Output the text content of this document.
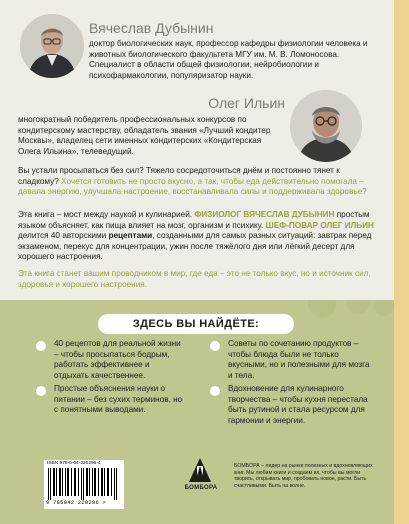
Вячеслав Дубынин
доктор биологических наук, профессор кафедры физиологии человека и животных биологического факультета МГУ им. М. В. Ломоносова. Специалист в области общей физиологии, нейробиологии и психофармакологии, популяризатор науки.
Олег Ильин
многократный победитель профессиональных конкурсов по кондитерскому мастерству, обладатель звания «Лучший кондитер Москвы», владелец сети именных кондитерских «Кондитерская Олега Ильина», телеведущий.
Вы устали просыпаться без сил? Тяжело сосредоточиться днём и постоянно тянет к сладкому? Хочется готовить не просто вкусно, а так, чтобы еда действительно помогала – давала энергию, улучшала настроение, восстанавливала силы и поддерживала здоровье?
Эта книга – мост между наукой и кулинарией. ФИЗИОЛОГ ВЯЧЕСЛАВ ДУБЫНИН простым языком объясняет, как пища влияет на мозг, организм и психику. ШЕФ-ПОВАР ОЛЕГ ИЛЬИН делится 40 авторскими рецептами, созданными для самых разных ситуаций: завтрак перед экзаменом, перекус для концентрации, ужин после тяжёлого дня или лёгкий десерт для хорошего настроения.
Эта книга станет вашим проводником в мир, где еда – это не только вкус, но и источник сил, здоровья и хорошего настроения.
ЗДЕСЬ ВЫ НАЙДЁТЕ:
40 рецептов для реальной жизни – чтобы просыпаться бодрым, работать эффективнее и отдыхать качественнее.
Простые объяснения науки о питании – без сухих терминов, но с понятными выводами.
Советы по сочетанию продуктов – чтобы блюда были не только вкусными, но и полезными для мозга и тела.
Вдохновение для кулинарного творчества – чтобы кухня перестала быть рутиной и стала ресурсом для гармонии и энергии.
ISBN 978-5-04-220296-4
9 785042 220296 >
БОМБОРА
БОМБОРА – лидер на рынке полезных и вдохновляющих книг. Мы любим книги и создаем их, чтобы вы могли творить, открывать мир, пробовать новое, расти. Быть счастливыми. Быть на волне.
